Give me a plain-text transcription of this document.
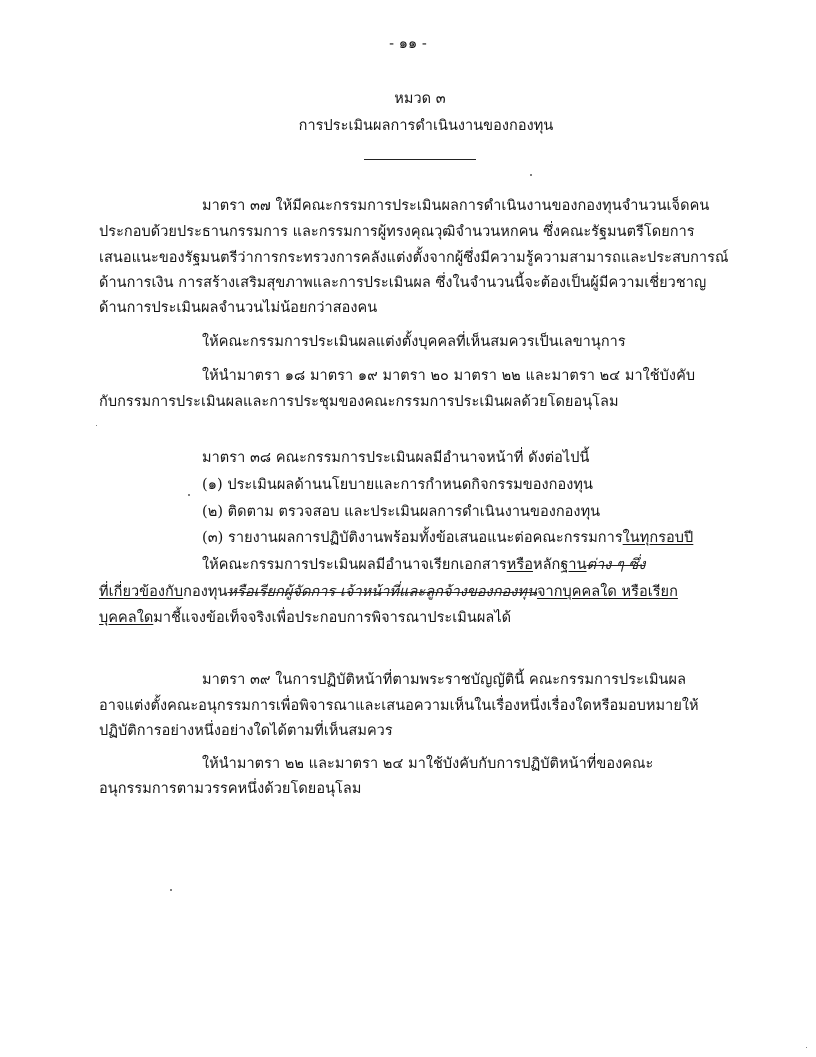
- ๑๑ -
หมวด ๓
การประเมินผลการดำเนินงานของกองทุน
มาตรา ๓๗ ให้มีคณะกรรมการประเมินผลการดำเนินงานของกองทุนจำนวนเจ็ดคน
ประกอบด้วยประธานกรรมการ และกรรมการผู้ทรงคุณวุฒิจำนวนหกคน ซึ่งคณะรัฐมนตรีโดยการ
เสนอแนะของรัฐมนตรีว่าการกระทรวงการคลังแต่งตั้งจากผู้ซึ่งมีความรู้ความสามารถและประสบการณ์
ด้านการเงิน การสร้างเสริมสุขภาพและการประเมินผล ซึ่งในจำนวนนี้จะต้องเป็นผู้มีความเชี่ยวชาญ
ด้านการประเมินผลจำนวนไม่น้อยกว่าสองคน
ให้คณะกรรมการประเมินผลแต่งตั้งบุคคลที่เห็นสมควรเป็นเลขานุการ
ให้นำมาตรา ๑๘ มาตรา ๑๙ มาตรา ๒๐ มาตรา ๒๒ และมาตรา ๒๔ มาใช้บังคับ
กับกรรมการประเมินผลและการประชุมของคณะกรรมการประเมินผลด้วยโดยอนุโลม
มาตรา ๓๘ คณะกรรมการประเมินผลมีอำนาจหน้าที่ ดังต่อไปนี้
(๑) ประเมินผลด้านนโยบายและการกำหนดกิจกรรมของกองทุน
(๒) ติดตาม ตรวจสอบ และประเมินผลการดำเนินงานของกองทุน
(๓) รายงานผลการปฏิบัติงานพร้อมทั้งข้อเสนอแนะต่อคณะกรรมการในทุกรอบปี
ให้คณะกรรมการประเมินผลมีอำนาจเรียกเอกสารหรือหลักฐานต่าง ๆ ซึ่ง
ที่เกี่ยวข้องกับกองทุนหรือเรียกผู้จัดการ เจ้าหน้าที่และลูกจ้างของกองทุนจากบุคคลใด หรือเรียก
บุคคลใดมาชี้แจงข้อเท็จจริงเพื่อประกอบการพิจารณาประเมินผลได้
มาตรา ๓๙ ในการปฏิบัติหน้าที่ตามพระราชบัญญัตินี้ คณะกรรมการประเมินผล
อาจแต่งตั้งคณะอนุกรรมการเพื่อพิจารณาและเสนอความเห็นในเรื่องหนึ่งเรื่องใดหรือมอบหมายให้
ปฏิบัติการอย่างหนึ่งอย่างใดได้ตามที่เห็นสมควร
ให้นำมาตรา ๒๒ และมาตรา ๒๔ มาใช้บังคับกับการปฏิบัติหน้าที่ของคณะ
อนุกรรมการตามวรรคหนึ่งด้วยโดยอนุโลม
